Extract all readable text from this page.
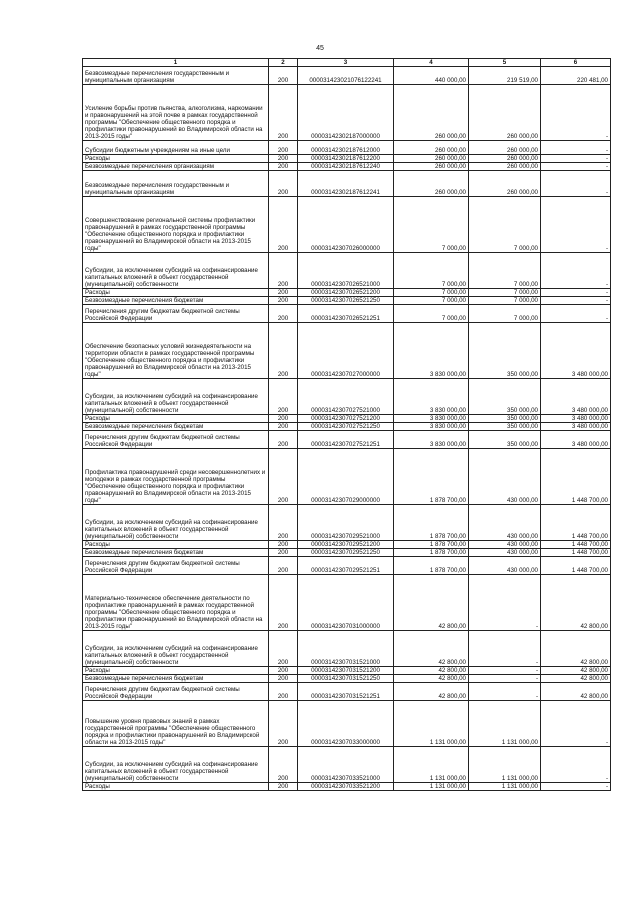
45
1	2	3	4	5	6
Безвозмездные перечисления государственным и муниципальным организациям	200	000031423021076122241	440 000,00	219 519,00	220 481,00
Усиление борьбы против пьянства, алкоголизма, наркомании и правонарушений на этой почве в рамках государственной программы "Обеспечение общественного порядка и профилактики правонарушений во Владимирской области на 2013-2015 годы"	200	00003142302187000000	260 000,00	260 000,00	-
Субсидии бюджетным учреждениям на иные цели	200	00003142302187612000	260 000,00	260 000,00	-
Расходы	200	00003142302187612200	260 000,00	260 000,00	-
Безвозмездные перечисления организациям	200	00003142302187612240	260 000,00	260 000,00	-
Безвозмездные перечисления государственным и муниципальным организациям	200	00003142302187612241	260 000,00	260 000,00	-
Совершенствование региональной системы профилактики правонарушений в рамках государственной программы "Обеспечение общественного порядка и профилактики правонарушений во Владимирской области на 2013-2015 годы"	200	00003142307026000000	7 000,00	7 000,00	-
Субсидии, за исключением субсидий на софинансирование капитальных вложений в объект государственной (муниципальной) собственности	200	00003142307026521000	7 000,00	7 000,00	-
Расходы	200	00003142307026521200	7 000,00	7 000,00	-
Безвозмездные перечисления бюджетам	200	00003142307026521250	7 000,00	7 000,00	-
Перечисления другим бюджетам бюджетной системы Российской Федерации	200	00003142307026521251	7 000,00	7 000,00	-
Обеспечение безопасных условий жизнедеятельности на территории области в рамках государственной программы "Обеспечение общественного порядка и профилактики правонарушений во Владимирской области на 2013-2015 годы"	200	00003142307027000000	3 830 000,00	350 000,00	3 480 000,00
Субсидии, за исключением субсидий на софинансирование капитальных вложений в объект государственной (муниципальной) собственности	200	00003142307027521000	3 830 000,00	350 000,00	3 480 000,00
Расходы	200	00003142307027521200	3 830 000,00	350 000,00	3 480 000,00
Безвозмездные перечисления бюджетам	200	00003142307027521250	3 830 000,00	350 000,00	3 480 000,00
Перечисления другим бюджетам бюджетной системы Российской Федерации	200	00003142307027521251	3 830 000,00	350 000,00	3 480 000,00
Профилактика правонарушений среди несовершеннолетних и молодежи в рамках государственной программы "Обеспечение общественного порядка и профилактики правонарушений во Владимирской области на 2013-2015 годы"	200	00003142307029000000	1 878 700,00	430 000,00	1 448 700,00
Субсидии, за исключением субсидий на софинансирование капитальных вложений в объект государственной (муниципальной) собственности	200	00003142307029521000	1 878 700,00	430 000,00	1 448 700,00
Расходы	200	00003142307029521200	1 878 700,00	430 000,00	1 448 700,00
Безвозмездные перечисления бюджетам	200	00003142307029521250	1 878 700,00	430 000,00	1 448 700,00
Перечисления другим бюджетам бюджетной системы Российской Федерации	200	00003142307029521251	1 878 700,00	430 000,00	1 448 700,00
Материально-техническое обеспечение деятельности по профилактике правонарушений в рамках государственной программы "Обеспечение общественного порядка и профилактики правонарушений во Владимирской области на 2013-2015 годы"	200	00003142307031000000	42 800,00	-	42 800,00
Субсидии, за исключением субсидий на софинансирование капитальных вложений в объект государственной (муниципальной) собственности	200	00003142307031521000	42 800,00	-	42 800,00
Расходы	200	00003142307031521200	42 800,00	-	42 800,00
Безвозмездные перечисления бюджетам	200	00003142307031521250	42 800,00	-	42 800,00
Перечисления другим бюджетам бюджетной системы Российской Федерации	200	00003142307031521251	42 800,00	-	42 800,00
Повышение уровня правовых знаний в рамках государственной программы "Обеспечение общественного порядка и профилактики правонарушений во Владимирской области на 2013-2015 годы"	200	00003142307033000000	1 131 000,00	1 131 000,00	-
Субсидии, за исключением субсидий на софинансирование капитальных вложений в объект государственной (муниципальной) собственности	200	00003142307033521000	1 131 000,00	1 131 000,00	-
Расходы	200	00003142307033521200	1 131 000,00	1 131 000,00	-
